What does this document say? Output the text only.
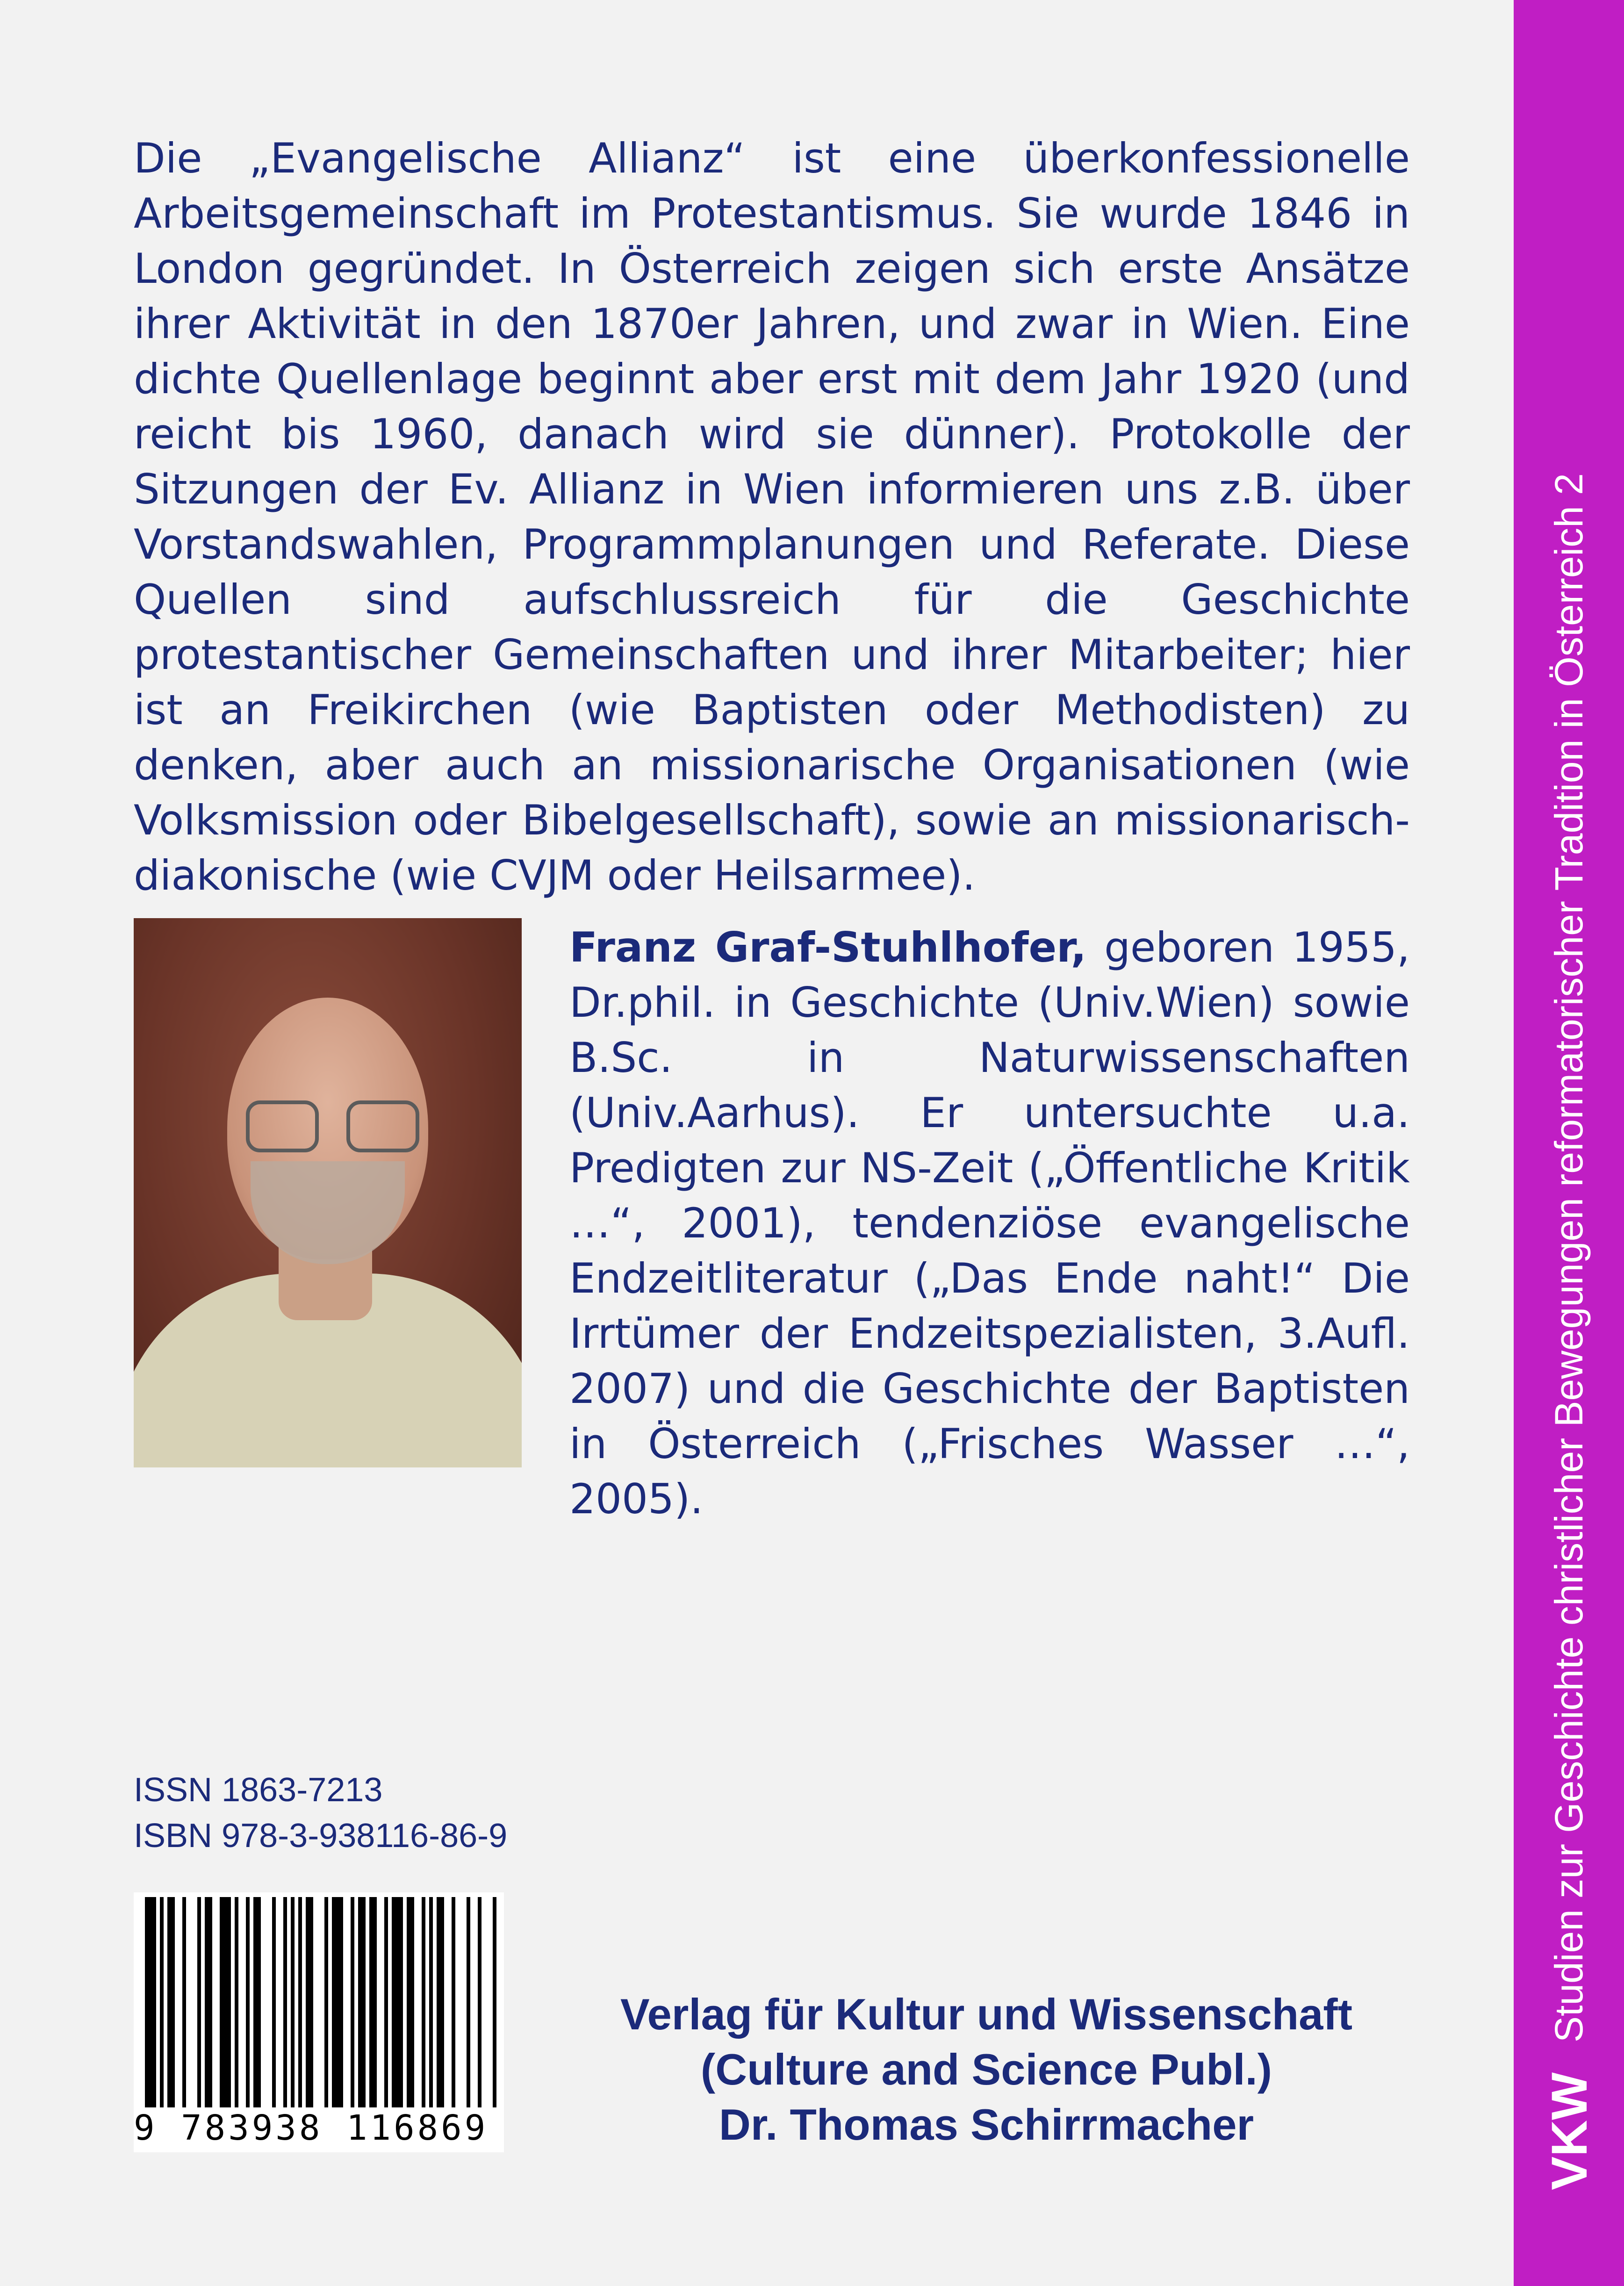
VKW
Studien zur Geschichte christlicher Bewegungen reformatorischer Tradition in Österreich 2

Die „Evangelische Allianz“ ist eine überkonfessionelle Arbeitsgemeinschaft im Protestantismus. Sie wurde 1846 in London gegründet. In Österreich zeigen sich erste Ansätze ihrer Aktivität in den 1870er Jahren, und zwar in Wien. Eine dichte Quellenlage beginnt aber erst mit dem Jahr 1920 (und reicht bis 1960, danach wird sie dünner). Protokolle der Sitzungen der Ev. Allianz in Wien informieren uns z.B. über Vorstandswahlen, Programmplanungen und Referate. Diese Quellen sind aufschlussreich für die Geschichte protestantischer Gemeinschaften und ihrer Mitarbeiter; hier ist an Freikirchen (wie Baptisten oder Methodisten) zu denken, aber auch an missionarische Organisationen (wie Volksmission oder Bibelgesellschaft), sowie an missionarisch-diakonische (wie CVJM oder Heilsarmee).

Franz Graf-Stuhlhofer, geboren 1955, Dr.phil. in Geschichte (Univ.Wien) sowie B.Sc. in Naturwissenschaften (Univ.Aarhus). Er untersuchte u.a. Predigten zur NS-Zeit („Öffentliche Kritik …“, 2001), tendenziöse evangelische Endzeitliteratur („Das Ende naht!“ Die Irrtümer der Endzeitspezialisten, 3.Aufl. 2007) und die Geschichte der Baptisten in Österreich („Frisches Wasser …“, 2005).

ISSN 1863-7213
ISBN 978-3-938116-86-9
9 783938 116869
Verlag für Kultur und Wissenschaft
(Culture and Science Publ.)
Dr. Thomas Schirrmacher
